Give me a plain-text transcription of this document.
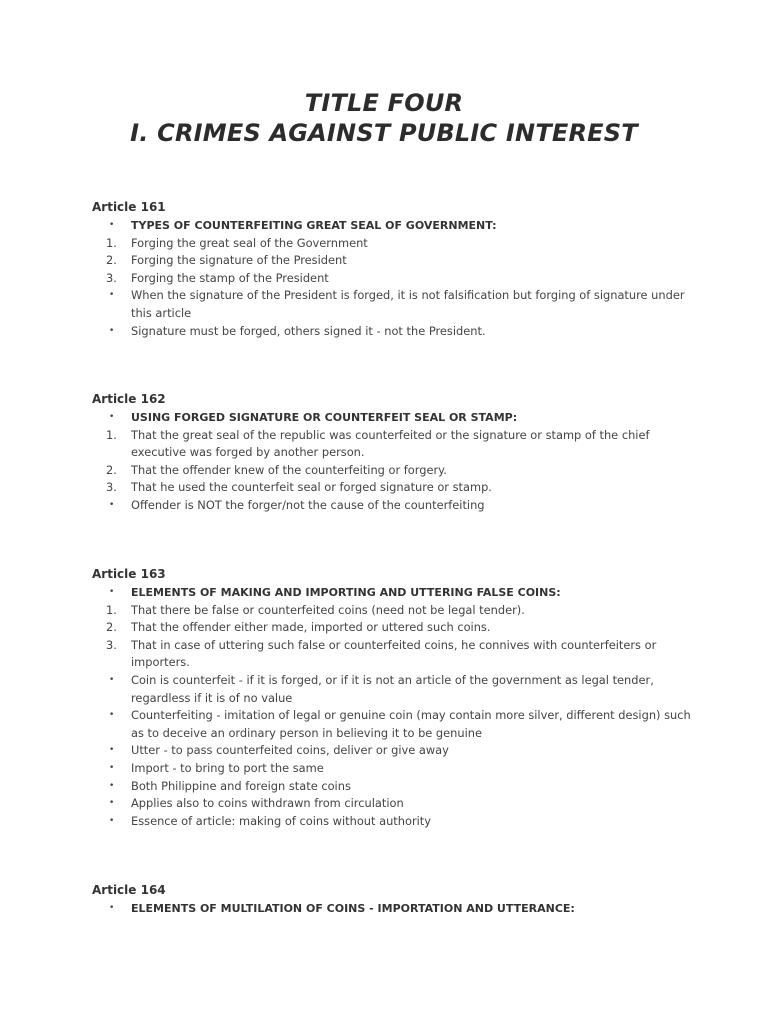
TITLE FOUR
I. CRIMES AGAINST PUBLIC INTEREST
Article 161
•	TYPES OF COUNTERFEITING GREAT SEAL OF GOVERNMENT:
1.	Forging the great seal of the Government
2.	Forging the signature of the President
3.	Forging the stamp of the President
•	When the signature of the President is forged, it is not falsification but forging of signature under this article
•	Signature must be forged, others signed it - not the President.
Article 162
•	USING FORGED SIGNATURE OR COUNTERFEIT SEAL OR STAMP:
1.	That the great seal of the republic was counterfeited or the signature or stamp of the chief executive was forged by another person.
2.	That the offender knew of the counterfeiting or forgery.
3.	That he used the counterfeit seal or forged signature or stamp.
•	Offender is NOT the forger/not the cause of the counterfeiting
Article 163
•	ELEMENTS OF MAKING AND IMPORTING AND UTTERING FALSE COINS:
1.	That there be false or counterfeited coins (need not be legal tender).
2.	That the offender either made, imported or uttered such coins.
3.	That in case of uttering such false or counterfeited coins, he connives with counterfeiters or importers.
•	Coin is counterfeit - if it is forged, or if it is not an article of the government as legal tender, regardless if it is of no value
•	Counterfeiting - imitation of legal or genuine coin (may contain more silver, different design) such as to deceive an ordinary person in believing it to be genuine
•	Utter - to pass counterfeited coins, deliver or give away
•	Import - to bring to port the same
•	Both Philippine and foreign state coins
•	Applies also to coins withdrawn from circulation
•	Essence of article: making of coins without authority
Article 164
•	ELEMENTS OF MULTILATION OF COINS - IMPORTATION AND UTTERANCE:
